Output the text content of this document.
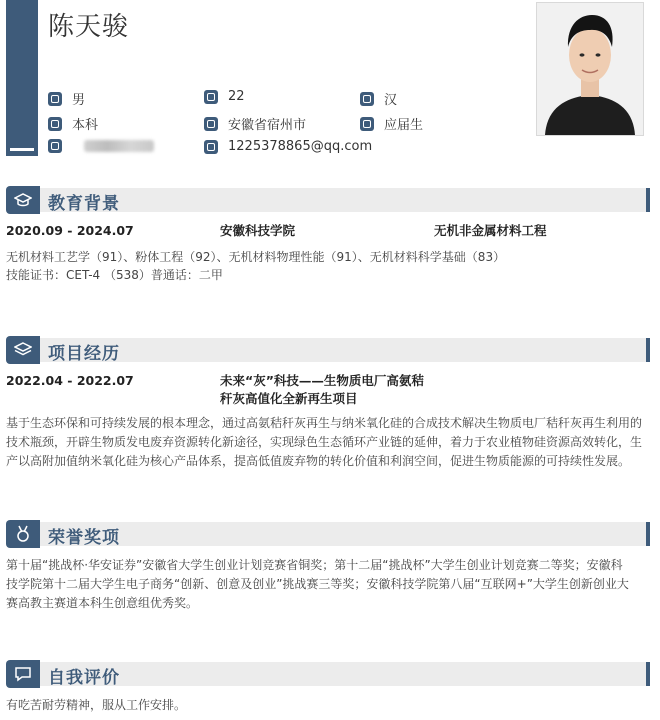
陈天骏
男	22	汉
本科	安徽省宿州市	应届生
1225378865@qq.com
教育背景
2020.09 - 2024.07	安徽科技学院	无机非金属材料工程
无机材料工艺学（91）、粉体工程（92）、无机材料物理性能（91）、无机材料科学基础（83）
技能证书：CET-4 （538）普通话：二甲
项目经历
2022.04 - 2022.07	未来“灰”科技——生物质电厂高氨秸
秆灰高值化全新再生项目
基于生态环保和可持续发展的根本理念，通过高氨秸秆灰再生与纳米氧化硅的合成技术解决生物质电厂秸秆灰再生利用的
技术瓶颈，开辟生物质发电废弃资源转化新途径，实现绿色生态循环产业链的延伸，着力于农业植物硅资源高效转化，生
产以高附加值纳米氧化硅为核心产品体系，提高低值废弃物的转化价值和利润空间，促进生物质能源的可持续性发展。
荣誉奖项
第十届“挑战杯·华安证券”安徽省大学生创业计划竞赛省铜奖；第十二届“挑战杯”大学生创业计划竞赛二等奖；安徽科
技学院第十二届大学生电子商务“创新、创意及创业”挑战赛三等奖；安徽科技学院第八届“互联网+”大学生创新创业大
赛高教主赛道本科生创意组优秀奖。
自我评价
有吃苦耐劳精神，服从工作安排。
